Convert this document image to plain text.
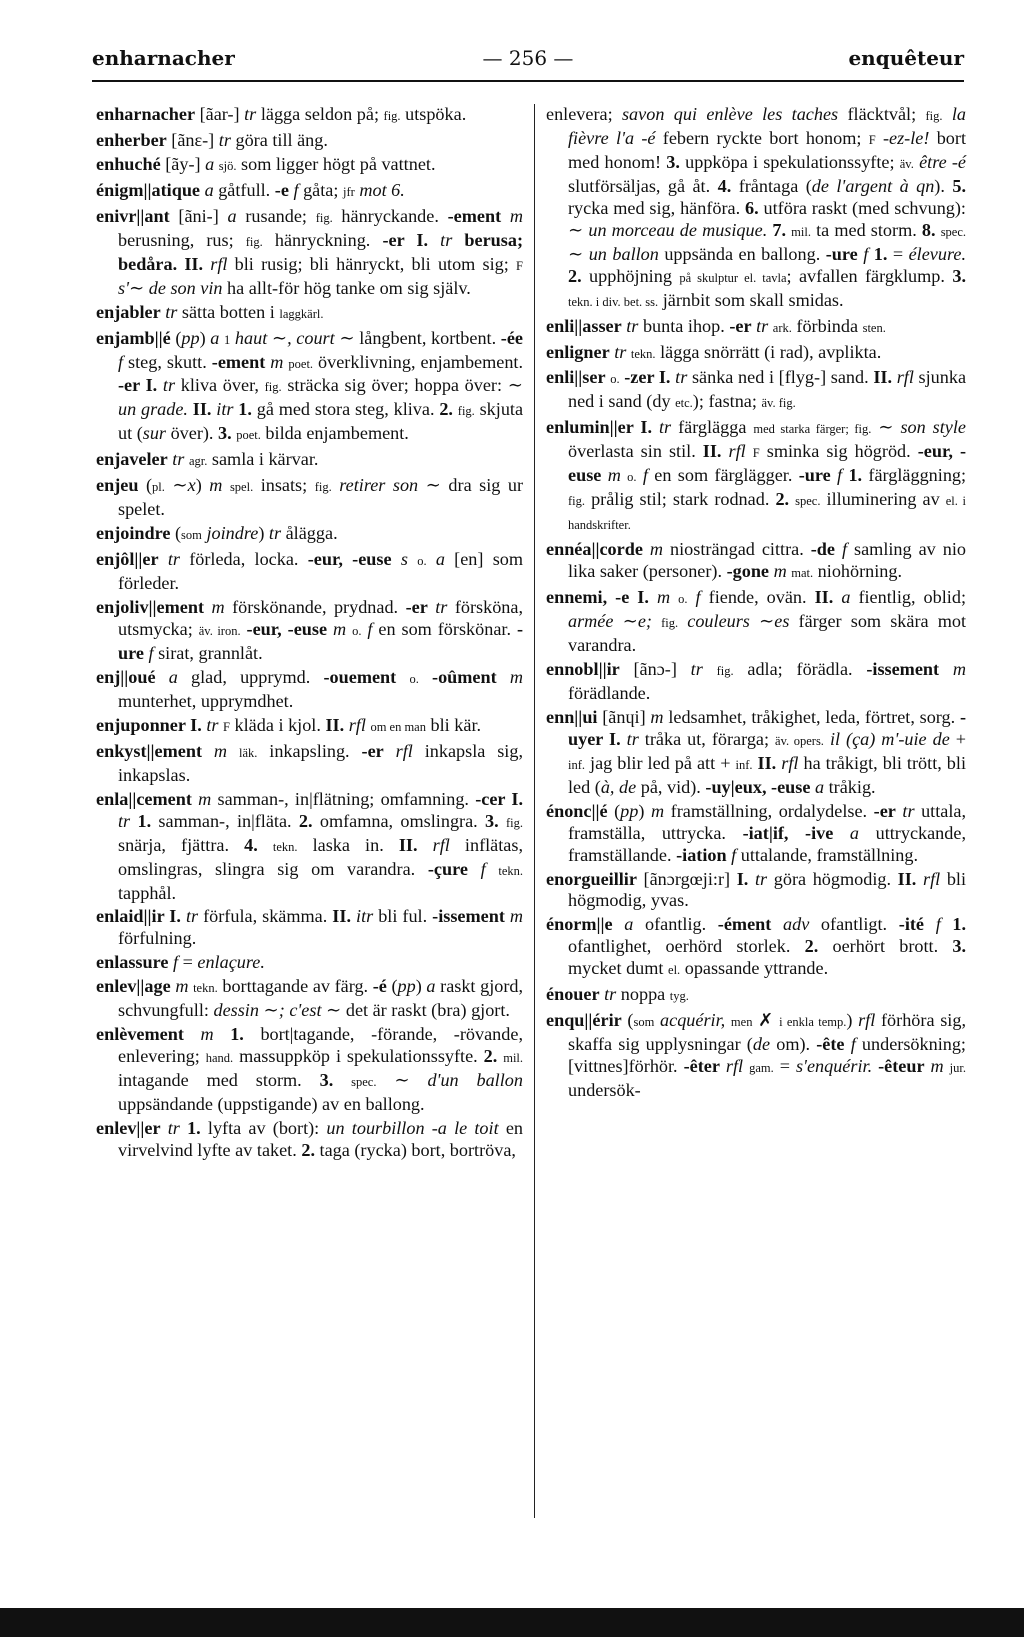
enharnacher	— 256 —	enquêteur

enharnacher [ãar-] tr lägga seldon på; fig. utspöka.

enherber [ãnε-] tr göra till äng.

enhuché [ãy-] a sjö. som ligger högt på vattnet.

énigm||atique a gåtfull. -e f gåta; jfr mot 6.

enivr||ant [ãni-] a rusande; fig. hänryckande. -ement m berusning, rus; fig. hänryckning. -er I. tr berusa; bedåra. II. rfl bli rusig; bli hänryckt, bli utom sig; F s'∼ de son vin ha allt-för hög tanke om sig själv.

enjabler tr sätta botten i laggkärl.

enjamb||é (pp) a 1 haut ∼, court ∼ långbent, kortbent. -ée f steg, skutt. -ement m poet. överklivning, enjambement. -er I. tr kliva över, fig. sträcka sig över; hoppa över: ∼ un grade. II. itr 1. gå med stora steg, kliva. 2. fig. skjuta ut (sur över). 3. poet. bilda enjambement.

enjaveler tr agr. samla i kärvar.

enjeu (pl. ∼x) m spel. insats; fig. retirer son ∼ dra sig ur spelet.

enjoindre (som joindre) tr ålägga.

enjôl||er tr förleda, locka. -eur, -euse s o. a [en] som förleder.

enjoliv||ement m förskönande, prydnad. -er tr försköna, utsmycka; äv. iron. -eur, -euse m o. f en som förskönar. -ure f sirat, grannlåt.

enj||oué a glad, upprymd. -ouement o. -oûment m munterhet, upprymdhet.

enjuponner I. tr F kläda i kjol. II. rfl om en man bli kär.

enkyst||ement m läk. inkapsling. -er rfl inkapsla sig, inkapslas.

enla||cement m samman-, in|flätning; omfamning. -cer I. tr 1. samman-, in|fläta. 2. omfamna, omslingra. 3. fig. snärja, fjättra. 4. tekn. laska in. II. rfl inflätas, omslingras, slingra sig om varandra. -çure f tekn. tapphål.

enlaid||ir I. tr förfula, skämma. II. itr bli ful. -issement m förfulning.

enlassure f = enlaçure.

enlev||age m tekn. borttagande av färg. -é (pp) a raskt gjord, schvungfull: dessin ∼; c'est ∼ det är raskt (bra) gjort.

enlèvement m 1. bort|tagande, -förande, -rövande, enlevering; hand. massuppköp i spekulationssyfte. 2. mil. intagande med storm. 3. spec. ∼ d'un ballon uppsändande (uppstigande) av en ballong.

enlev||er tr 1. lyfta av (bort): un tourbillon -a le toit en virvelvind lyfte av taket. 2. taga (rycka) bort, bortröva,

enlevera; savon qui enlève les taches fläcktvål; fig. la fièvre l'a -é febern ryckte bort honom; F -ez-le! bort med honom! 3. uppköpa i spekulationssyfte; äv. être -é slutförsäljas, gå åt. 4. fråntaga (de l'argent à qn). 5. rycka med sig, hänföra. 6. utföra raskt (med schvung): ∼ un morceau de musique. 7. mil. ta med storm. 8. spec. ∼ un ballon uppsända en ballong. -ure f 1. = élevure. 2. upphöjning på skulptur el. tavla; avfallen färgklump. 3. tekn. i div. bet. ss. järnbit som skall smidas.

enli||asser tr bunta ihop. -er tr ark. förbinda sten.

enligner tr tekn. lägga snörrätt (i rad), avplikta.

enli||ser o. -zer I. tr sänka ned i [flyg-] sand. II. rfl sjunka ned i sand (dy etc.); fastna; äv. fig.

enlumin||er I. tr färglägga med starka färger; fig. ∼ son style överlasta sin stil. II. rfl F sminka sig högröd. -eur, -euse m o. f en som färglägger. -ure f 1. färgläggning; fig. prålig stil; stark rodnad. 2. spec. illuminering av el. i handskrifter.

ennéa||corde m niosträngad cittra. -de f samling av nio lika saker (personer). -gone m mat. niohörning.

ennemi, -e I. m o. f fiende, ovän. II. a fientlig, oblid; armée ∼e; fig. couleurs ∼es färger som skära mot varandra.

ennobl||ir [ãnɔ-] tr fig. adla; förädla. -issement m förädlande.

enn||ui [ãnɥi] m ledsamhet, tråkighet, leda, förtret, sorg. -uyer I. tr tråka ut, förarga; äv. opers. il (ça) m'-uie de + inf. jag blir led på att + inf. II. rfl ha tråkigt, bli trött, bli led (à, de på, vid). -uy|eux, -euse a tråkig.

énonc||é (pp) m framställning, ordalydelse. -er tr uttala, framställa, uttrycka. -iat|if, -ive a uttryckande, framställande. -iation f uttalande, framställning.

enorgueillir [ãnɔrgœji:r] I. tr göra högmodig. II. rfl bli högmodig, yvas.

énorm||e a ofantlig. -ément adv ofantligt. -ité f 1. ofantlighet, oerhörd storlek. 2. oerhört brott. 3. mycket dumt el. opassande yttrande.

énouer tr noppa tyg.

enqu||érir (som acquérir, men ✗ i enkla temp.) rfl förhöra sig, skaffa sig upplysningar (de om). -ête f undersökning; [vittnes]förhör. -êter rfl gam. = s'enquérir. -êteur m jur. undersök-
